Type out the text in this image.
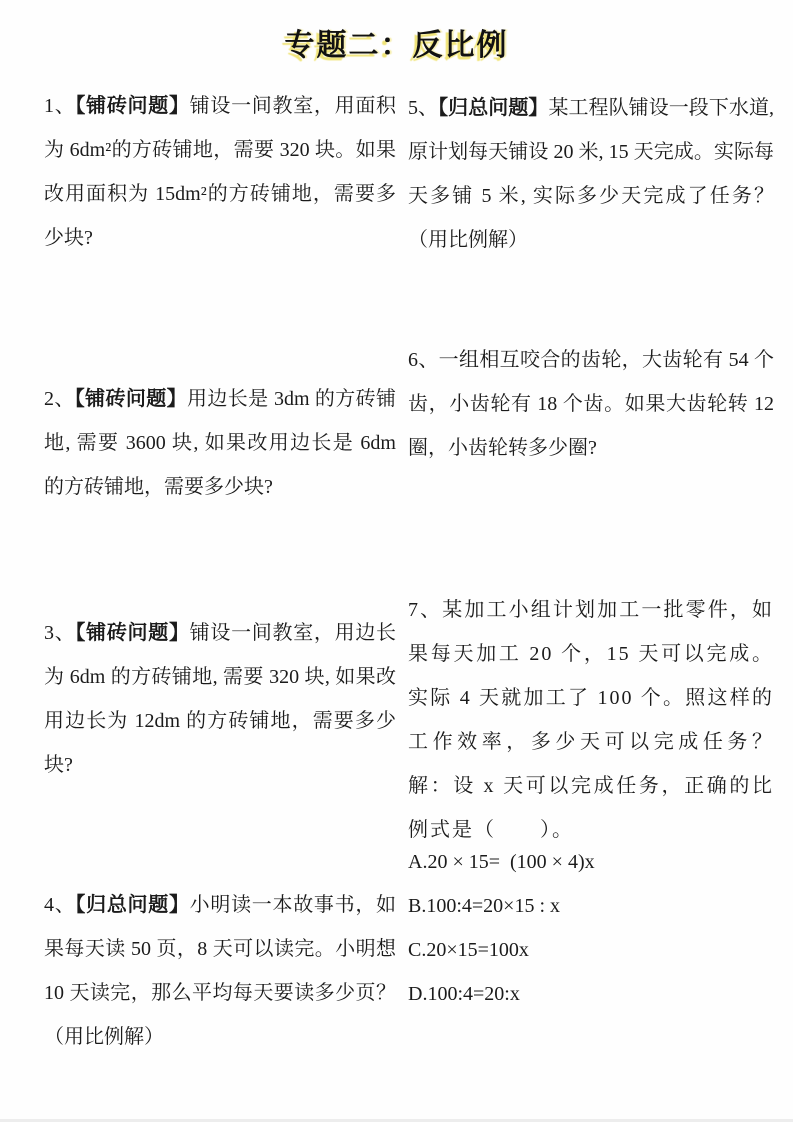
专题二：反比例

1、【铺砖问题】铺设一间教室，用面积为 6dm²的方砖铺地，需要 320 块。如果改用面积为 15dm²的方砖铺地，需要多少块?

2、【铺砖问题】用边长是 3dm 的方砖铺地, 需要 3600 块, 如果改用边长是 6dm 的方砖铺地，需要多少块?

3、【铺砖问题】铺设一间教室，用边长为 6dm 的方砖铺地, 需要 320 块, 如果改用边长为 12dm 的方砖铺地，需要多少块?

4、【归总问题】小明读一本故事书，如果每天读 50 页，8 天可以读完。小明想 10 天读完，那么平均每天要读多少页？ （用比例解）

5、【归总问题】某工程队铺设一段下水道, 原计划每天铺设 20 米, 15 天完成。实际每天多铺 5 米, 实际多少天完成了任务？ （用比例解）

6、一组相互咬合的齿轮，大齿轮有 54 个齿，小齿轮有 18 个齿。如果大齿轮转 12 圈，小齿轮转多少圈?

7、某加工小组计划加工一批零件，如果每天加工 20 个，15 天可以完成。实际 4 天就加工了 100 个。照这样的工作效率，多少天可以完成任务？解：设 x 天可以完成任务，正确的比例式是（　　）。

A.20 × 15=  (100 × 4)x
B.100:4=20×15 : x
C.20×15=100x
D.100:4=20:x
